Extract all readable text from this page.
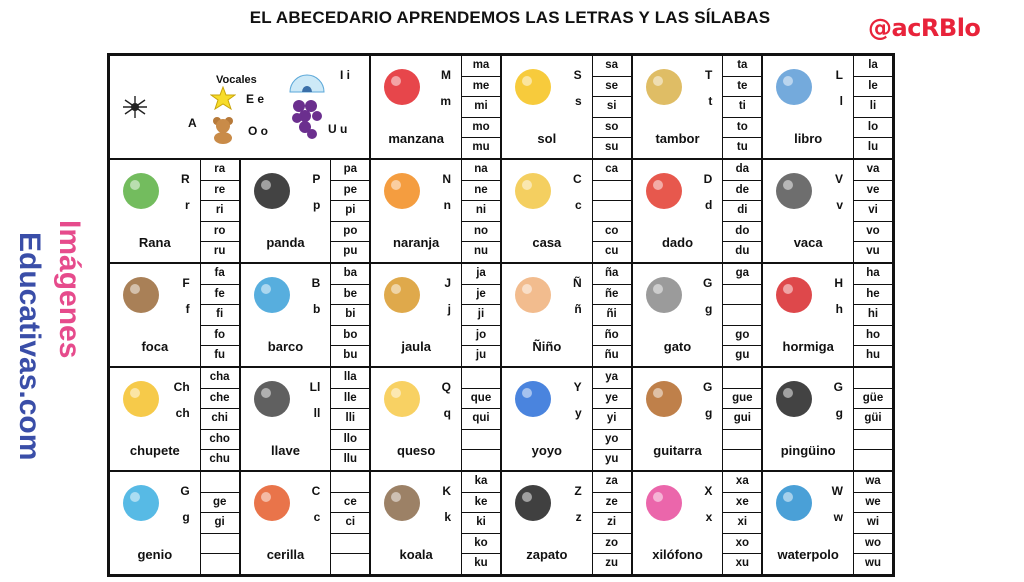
EL ABECEDARIO APRENDEMOS LAS LETRAS Y LAS SÍLABAS	@acRBlo
Imágenes
Educativas.com
A
Vocales
E e
O o
I i
U u
M
m
manzana
ma
me
mi
mo
mu
S
s
sol
sa
se
si
so
su
T
t
tambor
ta
te
ti
to
tu
L
l
libro
la
le
li
lo
lu
R
r
Rana
ra
re
ri
ro
ru
P
p
panda
pa
pe
pi
po
pu
N
n
naranja
na
ne
ni
no
nu
C
c
casa
ca
co
cu
D
d
dado
da
de
di
do
du
V
v
vaca
va
ve
vi
vo
vu
F
f
foca
fa
fe
fi
fo
fu
B
b
barco
ba
be
bi
bo
bu
J
j
jaula
ja
je
ji
jo
ju
Ñ
ñ
Ñiño
ña
ñe
ñi
ño
ñu
G
g
gato
ga
go
gu
H
h
hormiga
ha
he
hi
ho
hu
Ch
ch
chupete
cha
che
chi
cho
chu
Ll
ll
llave
lla
lle
lli
llo
llu
Q
q
queso
que
qui
Y
y
yoyo
ya
ye
yi
yo
yu
G
g
guitarra
gue
gui
G
g
pingüino
güe
güi
G
g
genio
ge
gi
C
c
cerilla
ce
ci
K
k
koala
ka
ke
ki
ko
ku
Z
z
zapato
za
ze
zi
zo
zu
X
x
xilófono
xa
xe
xi
xo
xu
W
w
waterpolo
wa
we
wi
wo
wu
